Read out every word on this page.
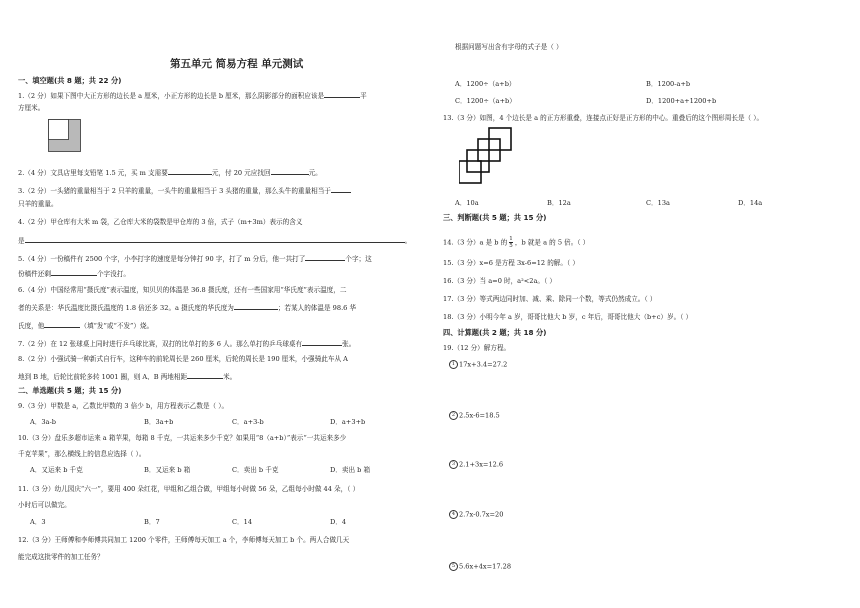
第五单元 简易方程 单元测试
一、填空题(共 8 题；共 22 分)
1.（2 分）如果下图中大正方形的边长是 a 厘米，小正方形的边长是 b 厘米，那么阴影部分的面积应该是	平
方厘米。
2.（4 分）文具店里每支铅笔 1.5 元，买 m 支需要	元，付 20 元应找回	元。
3.（2 分）一头猪的重量相当于 2 只羊的重量，一头牛的重量相当于 3 头猪的重量，那么头牛的重量相当于
只羊的重量。
4.（2 分）甲仓库有大米 m 袋，乙仓库大米的袋数是甲仓库的 3 倍，式子（m+3m）表示的含义
是	。
5.（4 分）一份稿件有 2500 个字，小李打字的速度是每分钟打 90 字，打了 m 分后，他一共打了	个字；这
份稿件还剩	个字没打。
6.（4 分）中国经常用“摄氏度”表示温度，知贝贝的体温是 36.8 摄氏度，还有一些国家用“华氏度”表示温度，二
者的关系是：华氏温度比摄氏温度的 1.8 倍还多 32。a 摄氏度的华氏度为	；若某人的体温是 98.6 华
氏度，他	（填“发”或“不发”）烧。
7.（2 分）在 12 张球桌上同时进行乒乓球比赛，双打的比单打的多 6 人。那么单打的乒乓球桌有	张。
8.（2 分）小强试骑一种新式自行车，这种车的前轮周长是 260 厘米，后轮的周长是 190 厘米，小强骑此车从 A
地到 B 地，后轮比前轮多转 1001 圈，则 A、B 两地相距	米。
二、单选题(共 5 题；共 15 分)
9.（3 分）甲数是 a，乙数比甲数的 3 倍少 b，用方程表示乙数是（ ）。
A．3a-b	B．3a+b	C．a+3-b	D．a+3+b
10.（3 分）盘乐多超市运来 a 箱苹果，每箱 8 千克，一共运来多少千克？如果用“8（a+b）”表示“一共运来多少
千克苹果”，那么横线上的信息应选择（ ）。
A．又运来 b 千克	B．又运来 b 箱	C．卖出 b 千克	D．卖出 b 箱
11.（3 分）幼儿园庆“六一”，要用 400 朵红花，甲组和乙组合做，甲组每小时做 56 朵，乙组每小时做 44 朵，（ ）
小时后可以做完。
A．3	B．7	C．14	D．4
12.（3 分）王师傅和李师傅共同加工 1200 个零件，王师傅每天加工 a 个，李师傅每天加工 b 个。两人合做几天
能完成这批零件的加工任务？
根据问题写出含有字母的式子是（ ）
A．1200÷（a+b）	B．1200-a+b
C．1200÷（a+b）	D．1200+a+1200+b
13.（3 分）如图，4 个边长是 a 的正方形重叠，连接点正好是正方形的中心。重叠后的这个图形周长是（ ）。
A．10a	B．12a	C．13a	D．14a
三、判断题(共 5 题；共 15 分)
14.（3 分）a 是 b 的 $\frac{1}{5}$ ，b 就是 a 的 5 倍。（ ）
15.（3 分）x=6 是方程 3x-6=12 的解。（ ）
16.（3 分）当 a=0 时，a²<2a。（ ）
17.（3 分）等式两边同时加、减、乘、除同一个数，等式仍然成立。（ ）
18.（3 分）小明今年 a 岁，哥哥比他大 b 岁，c 年后，哥哥比他大（b+c）岁。（ ）
四、计算题(共 2 题；共 18 分)
19.（12 分）解方程。
1 17x+3.4=27.2
2 2.5x-6=18.5
3 2.1+3x=12.6
4 2.7x-0.7x=20
5 5.6x+4x=17.28
